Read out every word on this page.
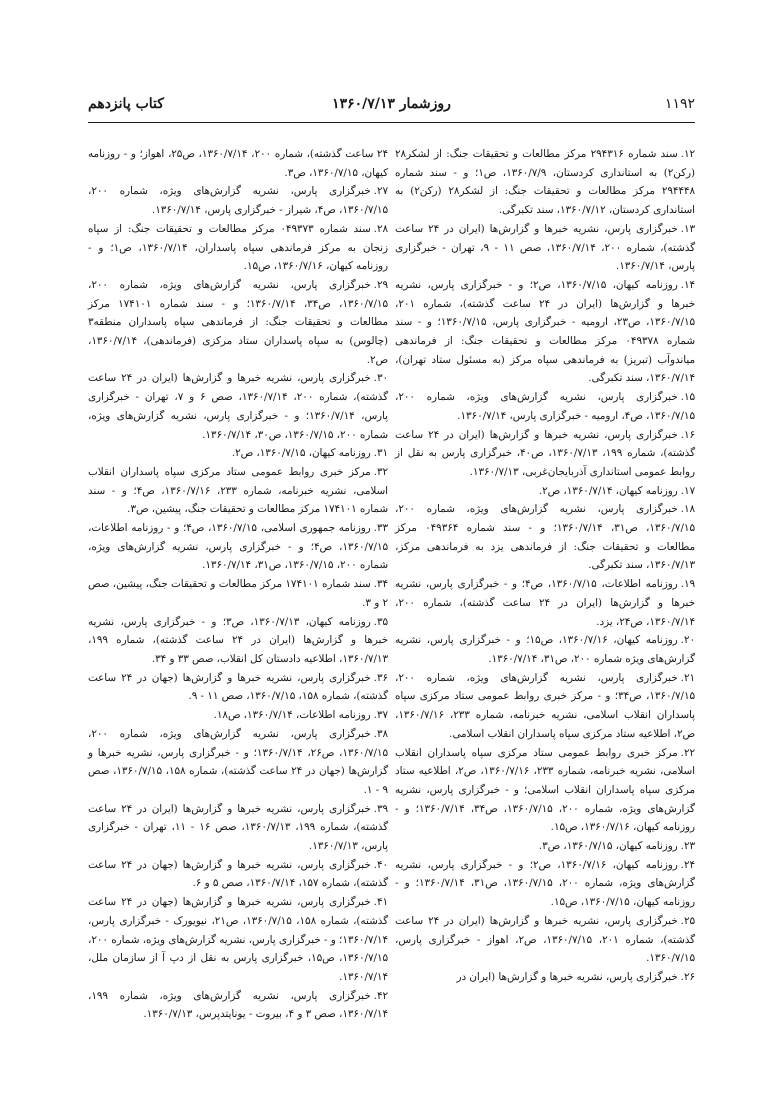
۱۱۹۲
روزشمار ۱۳۶۰/۷/۱۳
کتاب پانزدهم
۱۲.سند شماره ۲۹۴۳۱۶ مرکز مطالعات و تحقیقات جنگ: از لشکر۲۸ (رکن۲) به استانداری کردستان، ۱۳۶۰/۷/۹، ص۱؛ و - سند شماره ۲۹۴۴۴۸ مرکز مطالعات و تحقیقات جنگ: از لشکر۲۸ (رکن۲) به استانداری کردستان، ۱۳۶۰/۷/۱۲، سند تکبرگی.
۱۳.خبرگزاری پارس، نشریه خبرها و گزارش‌ها (ایران در ۲۴ ساعت گذشته)، شماره ۲۰۰، ۱۳۶۰/۷/۱۴، صص ۱۱ - ۹، تهران - خبرگزاری پارس، ۱۳۶۰/۷/۱۴.
۱۴.روزنامه کیهان، ۱۳۶۰/۷/۱۵، ص۲؛ و - خبرگزاری پارس، نشریه خبرها و گزارش‌ها (ایران در ۲۴ ساعت گذشته)، شماره ۲۰۱، ۱۳۶۰/۷/۱۵، ص۲۳، ارومیه - خبرگزاری پارس، ۱۳۶۰/۷/۱۵؛ و - سند شماره ۰۴۹۳۷۸ مرکز مطالعات و تحقیقات جنگ: از فرماندهی میاندوآب (تبریز) به فرماندهی سپاه مرکز (به مسئول ستاد تهران)، ۱۳۶۰/۷/۱۴، سند تکبرگی.
۱۵.خبرگزاری پارس، نشریه گزارش‌های ویژه، شماره ۲۰۰، ۱۳۶۰/۷/۱۵، ص۴، ارومیه - خبرگزاری پارس، ۱۳۶۰/۷/۱۴.
۱۶.خبرگزاری پارس، نشریه خبرها و گزارش‌ها (ایران در ۲۴ ساعت گذشته)، شماره ۱۹۹، ۱۳۶۰/۷/۱۳، ص۴۰، خبرگزاری پارس به نقل از روابط عمومی استانداری آذربایجان‌غربی، ۱۳۶۰/۷/۱۳.
۱۷.روزنامه کیهان، ۱۳۶۰/۷/۱۴، ص۲.
۱۸.خبرگزاری پارس، نشریه گزارش‌های ویژه، شماره ۲۰۰، ۱۳۶۰/۷/۱۵، ص۳۱، ۱۳۶۰/۷/۱۴؛ و - سند شماره ۰۴۹۳۶۴ مرکز مطالعات و تحقیقات جنگ: از فرماندهی یزد به فرماندهی مرکز، ۱۳۶۰/۷/۱۳، سند تکبرگی.
۱۹.روزنامه اطلاعات، ۱۳۶۰/۷/۱۵، ص۴؛ و - خبرگزاری پارس، نشریه خبرها و گزارش‌ها (ایران در ۲۴ ساعت گذشته)، شماره ۲۰۰، ۱۳۶۰/۷/۱۴، ص۲۴، یزد.
۲۰.روزنامه کیهان، ۱۳۶۰/۷/۱۶، ص۱۵؛ و - خبرگزاری پارس، نشریه گزارش‌های ویژه شماره ۲۰۰، ص۳۱، ۱۳۶۰/۷/۱۴.
۲۱.خبرگزاری پارس، نشریه گزارش‌های ویژه، شماره ۲۰۰، ۱۳۶۰/۷/۱۵، ص۳۴؛ و - مرکز خبری روابط عمومی ستاد مرکزی سپاه پاسداران انقلاب اسلامی، نشریه خبرنامه، شماره ۲۳۳، ۱۳۶۰/۷/۱۶، ص۲، اطلاعیه ستاد مرکزی سپاه پاسداران انقلاب اسلامی.
۲۲.مرکز خبری روابط عمومی ستاد مرکزی سپاه پاسداران انقلاب اسلامی، نشریه خبرنامه، شماره ۲۳۳، ۱۳۶۰/۷/۱۶، ص۲، اطلاعیه ستاد مرکزی سپاه پاسداران انقلاب اسلامی؛ و - خبرگزاری پارس، نشریه گزارش‌های ویژه، شماره ۲۰۰، ۱۳۶۰/۷/۱۵، ص۳۴، ۱۳۶۰/۷/۱۴؛ و - روزنامه کیهان، ۱۳۶۰/۷/۱۶، ص۱۵.
۲۳.روزنامه کیهان، ۱۳۶۰/۷/۱۵، ص۳.
۲۴.روزنامه کیهان، ۱۳۶۰/۷/۱۶، ص۲؛ و - خبرگزاری پارس، نشریه گزارش‌های ویژه، شماره ۲۰۰، ۱۳۶۰/۷/۱۵، ص۳۱، ۱۳۶۰/۷/۱۴؛ و - روزنامه کیهان، ۱۳۶۰/۷/۱۵، ص۱۵.
۲۵.خبرگزاری پارس، نشریه خبرها و گزارش‌ها (ایران در ۲۴ ساعت گذشته)، شماره ۲۰۱، ۱۳۶۰/۷/۱۵، ص۲، اهواز - خبرگزاری پارس، ۱۳۶۰/۷/۱۵.
۲۶.خبرگزاری پارس، نشریه خبرها و گزارش‌ها (ایران در
۲۴ ساعت گذشته)، شماره ۲۰۰، ۱۳۶۰/۷/۱۴، ص۲۵، اهواز؛ و - روزنامه کیهان، ۱۳۶۰/۷/۱۵، ص۳.
۲۷.خبرگزاری پارس، نشریه گزارش‌های ویژه، شماره ۲۰۰، ۱۳۶۰/۷/۱۵، ص۴، شیراز - خبرگزاری پارس، ۱۳۶۰/۷/۱۴.
۲۸.سند شماره ۰۴۹۳۷۳ مرکز مطالعات و تحقیقات جنگ: از سپاه زنجان به مرکز فرماندهی سپاه پاسداران، ۱۳۶۰/۷/۱۴، ص۱؛ و - روزنامه کیهان، ۱۳۶۰/۷/۱۶، ص۱۵.
۲۹.خبرگزاری پارس، نشریه گزارش‌های ویژه، شماره ۲۰۰، ۱۳۶۰/۷/۱۵، ص۳۴، ۱۳۶۰/۷/۱۴؛ و - سند شماره ۱۷۴۱۰۱ مرکز مطالعات و تحقیقات جنگ: از فرماندهی سپاه پاسداران منطقه۳ (چالوس) به سپاه پاسداران ستاد مرکزی (فرماندهی)، ۱۳۶۰/۷/۱۴، ص۲.
۳۰.خبرگزاری پارس، نشریه خبرها و گزارش‌ها (ایران در ۲۴ ساعت گذشته)، شماره ۲۰۰، ۱۳۶۰/۷/۱۴، صص ۶ و ۷، تهران - خبرگزاری پارس، ۱۳۶۰/۷/۱۴؛ و - خبرگزاری پارس، نشریه گزارش‌های ویژه، شماره ۲۰۰، ۱۳۶۰/۷/۱۵، ص۳۰، ۱۳۶۰/۷/۱۴.
۳۱.روزنامه کیهان، ۱۳۶۰/۷/۱۵، ص۲.
۳۲.مرکز خبری روابط عمومی ستاد مرکزی سپاه پاسداران انقلاب اسلامی، نشریه خبرنامه، شماره ۲۳۳، ۱۳۶۰/۷/۱۶، ص۴؛ و - سند شماره ۱۷۴۱۰۱ مرکز مطالعات و تحقیقات جنگ، پیشین، ص۳.
۳۳.روزنامه جمهوری اسلامی، ۱۳۶۰/۷/۱۵، ص۴؛ و - روزنامه اطلاعات، ۱۳۶۰/۷/۱۵، ص۴؛ و - خبرگزاری پارس، نشریه گزارش‌های ویژه، شماره ۲۰۰، ۱۳۶۰/۷/۱۵، ص۳۱، ۱۳۶۰/۷/۱۴.
۳۴.سند شماره ۱۷۴۱۰۱ مرکز مطالعات و تحقیقات جنگ، پیشین، صص ۲ و ۳.
۳۵.روزنامه کیهان، ۱۳۶۰/۷/۱۳، ص۳؛ و - خبرگزاری پارس، نشریه خبرها و گزارش‌ها (ایران در ۲۴ ساعت گذشته)، شماره ۱۹۹، ۱۳۶۰/۷/۱۳، اطلاعیه دادستان کل انقلاب، صص ۳۳ و ۳۴.
۳۶.خبرگزاری پارس، نشریه خبرها و گزارش‌ها (جهان در ۲۴ ساعت گذشته)، شماره ۱۵۸، ۱۳۶۰/۷/۱۵، صص ۱۱ - ۹.
۳۷.روزنامه اطلاعات، ۱۳۶۰/۷/۱۴، ص۱۸.
۳۸.خبرگزاری پارس، نشریه گزارش‌های ویژه، شماره ۲۰۰، ۱۳۶۰/۷/۱۵، ص۲۶، ۱۳۶۰/۷/۱۴؛ و - خبرگزاری پارس، نشریه خبرها و گزارش‌ها (جهان در ۲۴ ساعت گذشته)، شماره ۱۵۸، ۱۳۶۰/۷/۱۵، صص ۹ - ۱.
۳۹.خبرگزاری پارس، نشریه خبرها و گزارش‌ها (ایران در ۲۴ ساعت گذشته)، شماره ۱۹۹، ۱۳۶۰/۷/۱۳، صص ۱۶ - ۱۱، تهران - خبرگزاری پارس، ۱۳۶۰/۷/۱۳.
۴۰.خبرگزاری پارس، نشریه خبرها و گزارش‌ها (جهان در ۲۴ ساعت گذشته)، شماره ۱۵۷، ۱۳۶۰/۷/۱۴، صص ۵ و ۶.
۴۱.خبرگزاری پارس، نشریه خبرها و گزارش‌ها (جهان در ۲۴ ساعت گذشته)، شماره ۱۵۸، ۱۳۶۰/۷/۱۵، ص۲۱، نیویورک - خبرگزاری پارس، ۱۳۶۰/۷/۱۴؛ و - خبرگزاری پارس، نشریه گزارش‌های ویژه، شماره ۲۰۰، ۱۳۶۰/۷/۱۵، ص۱۵، خبرگزاری پارس به نقل از دپ آ از سازمان ملل، ۱۳۶۰/۷/۱۴.
۴۲.خبرگزاری پارس، نشریه گزارش‌های ویژه، شماره ۱۹۹، ۱۳۶۰/۷/۱۴، صص ۳ و ۴، بیروت - یونایتدپرس، ۱۳۶۰/۷/۱۳.
